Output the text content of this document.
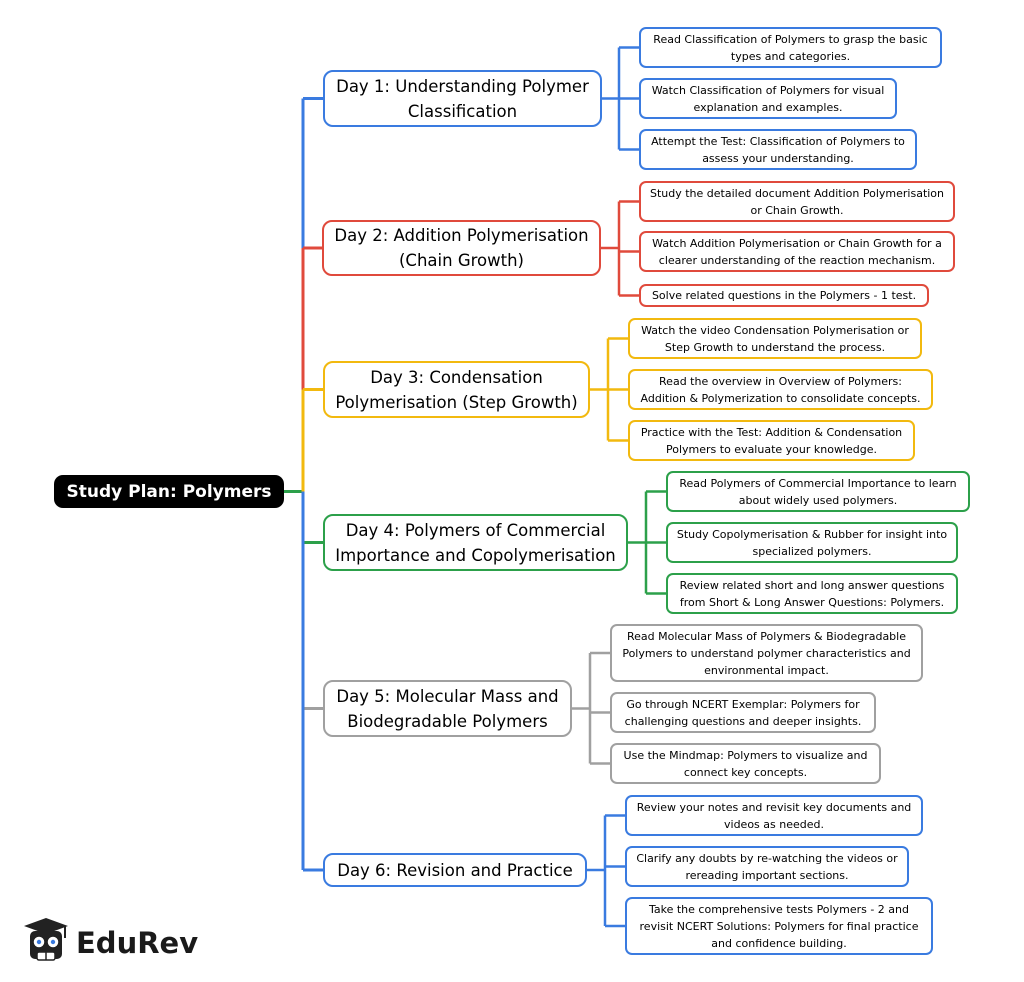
Study Plan: Polymers
Day 1: Understanding Polymer Classification
Day 2: Addition Polymerisation (Chain Growth)
Day 3: Condensation Polymerisation (Step Growth)
Day 4: Polymers of Commercial Importance and Copolymerisation
Day 5: Molecular Mass and Biodegradable Polymers
Day 6: Revision and Practice
Read Classification of Polymers to grasp the basic types and categories.
Watch Classification of Polymers for visual explanation and examples.
Attempt the Test: Classification of Polymers to assess your understanding.
Study the detailed document Addition Polymerisation or Chain Growth.
Watch Addition Polymerisation or Chain Growth for a clearer understanding of the reaction mechanism.
Solve related questions in the Polymers - 1 test.
Watch the video Condensation Polymerisation or Step Growth to understand the process.
Read the overview in Overview of Polymers: Addition & Polymerization to consolidate concepts.
Practice with the Test: Addition & Condensation Polymers to evaluate your knowledge.
Read Polymers of Commercial Importance to learn about widely used polymers.
Study Copolymerisation & Rubber for insight into specialized polymers.
Review related short and long answer questions from Short & Long Answer Questions: Polymers.
Read Molecular Mass of Polymers & Biodegradable Polymers to understand polymer characteristics and environmental impact.
Go through NCERT Exemplar: Polymers for challenging questions and deeper insights.
Use the Mindmap: Polymers to visualize and connect key concepts.
Review your notes and revisit key documents and videos as needed.
Clarify any doubts by re-watching the videos or rereading important sections.
Take the comprehensive tests Polymers - 2 and revisit NCERT Solutions: Polymers for final practice and confidence building.
EduRev
